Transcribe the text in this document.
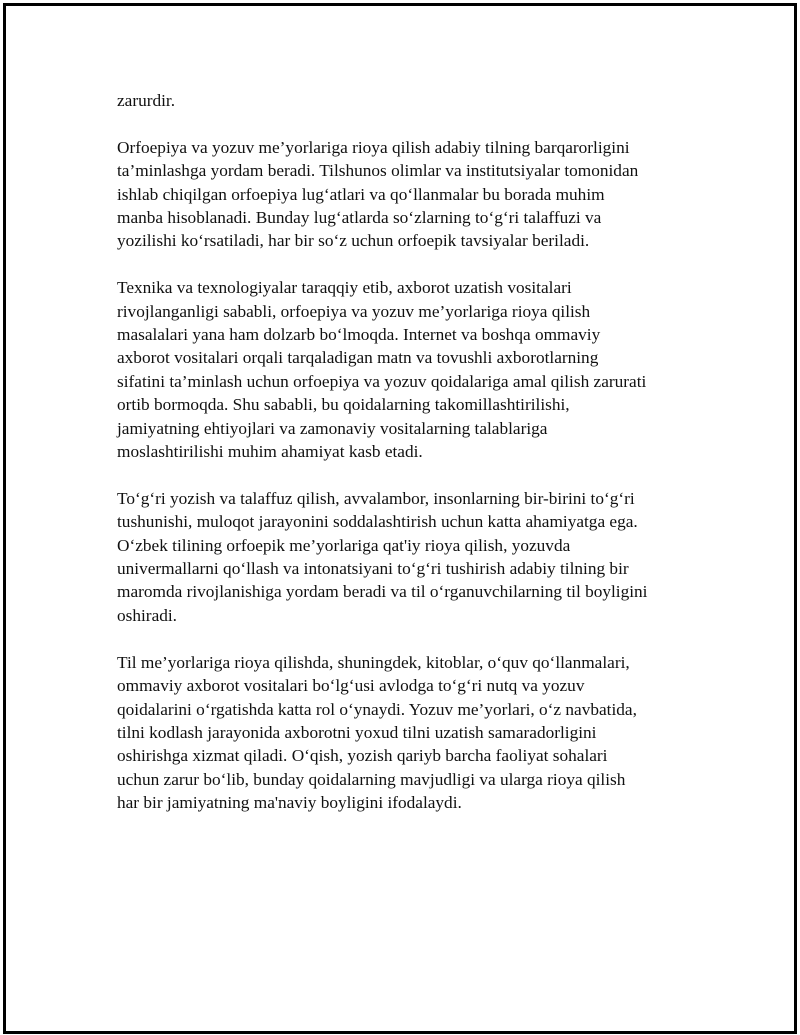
zarurdir.

Orfoepiya va yozuv me’yorlariga rioya qilish adabiy tilning barqarorligini
ta’minlashga yordam beradi. Tilshunos olimlar va institutsiyalar tomonidan
ishlab chiqilgan orfoepiya lug‘atlari va qo‘llanmalar bu borada muhim
manba hisoblanadi. Bunday lug‘atlarda so‘zlarning to‘g‘ri talaffuzi va
yozilishi ko‘rsatiladi, har bir so‘z uchun orfoepik tavsiyalar beriladi.

Texnika va texnologiyalar taraqqiy etib, axborot uzatish vositalari
rivojlanganligi sababli, orfoepiya va yozuv me’yorlariga rioya qilish
masalalari yana ham dolzarb bo‘lmoqda. Internet va boshqa ommaviy
axborot vositalari orqali tarqaladigan matn va tovushli axborotlarning
sifatini ta’minlash uchun orfoepiya va yozuv qoidalariga amal qilish zarurati
ortib bormoqda. Shu sababli, bu qoidalarning takomillashtirilishi,
jamiyatning ehtiyojlari va zamonaviy vositalarning talablariga
moslashtirilishi muhim ahamiyat kasb etadi.

To‘g‘ri yozish va talaffuz qilish, avvalambor, insonlarning bir-birini to‘g‘ri
tushunishi, muloqot jarayonini soddalashtirish uchun katta ahamiyatga ega.
O‘zbek tilining orfoepik me’yorlariga qat'iy rioya qilish, yozuvda
univermallarni qo‘llash va intonatsiyani to‘g‘ri tushirish adabiy tilning bir
maromda rivojlanishiga yordam beradi va til o‘rganuvchilarning til boyligini
oshiradi.

Til me’yorlariga rioya qilishda, shuningdek, kitoblar, o‘quv qo‘llanmalari,
ommaviy axborot vositalari bo‘lg‘usi avlodga to‘g‘ri nutq va yozuv
qoidalarini o‘rgatishda katta rol o‘ynaydi. Yozuv me’yorlari, o‘z navbatida,
tilni kodlash jarayonida axborotni yoxud tilni uzatish samaradorligini
oshirishga xizmat qiladi. O‘qish, yozish qariyb barcha faoliyat sohalari
uchun zarur bo‘lib, bunday qoidalarning mavjudligi va ularga rioya qilish
har bir jamiyatning ma'naviy boyligini ifodalaydi.
